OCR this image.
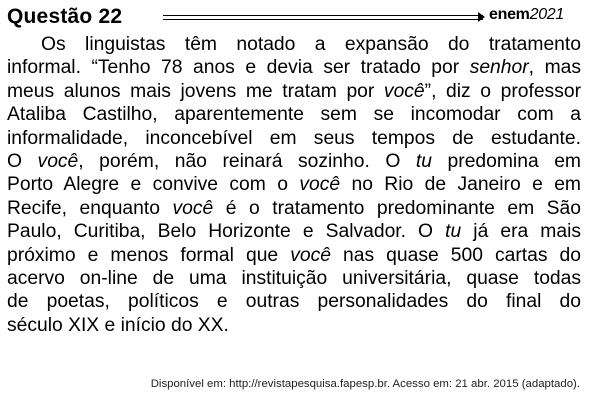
Questão 22	enem2021
Os linguistas têm notado a expansão do tratamento
informal. “Tenho 78 anos e devia ser tratado por senhor, mas
meus alunos mais jovens me tratam por você”, diz o professor
Ataliba Castilho, aparentemente sem se incomodar com a
informalidade, inconcebível em seus tempos de estudante.
O você, porém, não reinará sozinho. O tu predomina em
Porto Alegre e convive com o você no Rio de Janeiro e em
Recife, enquanto você é o tratamento predominante em São
Paulo, Curitiba, Belo Horizonte e Salvador. O tu já era mais
próximo e menos formal que você nas quase 500 cartas do
acervo on-line de uma instituição universitária, quase todas
de poetas, políticos e outras personalidades do final do
século XIX e início do XX.
Disponível em: http://revistapesquisa.fapesp.br. Acesso em: 21 abr. 2015 (adaptado).
